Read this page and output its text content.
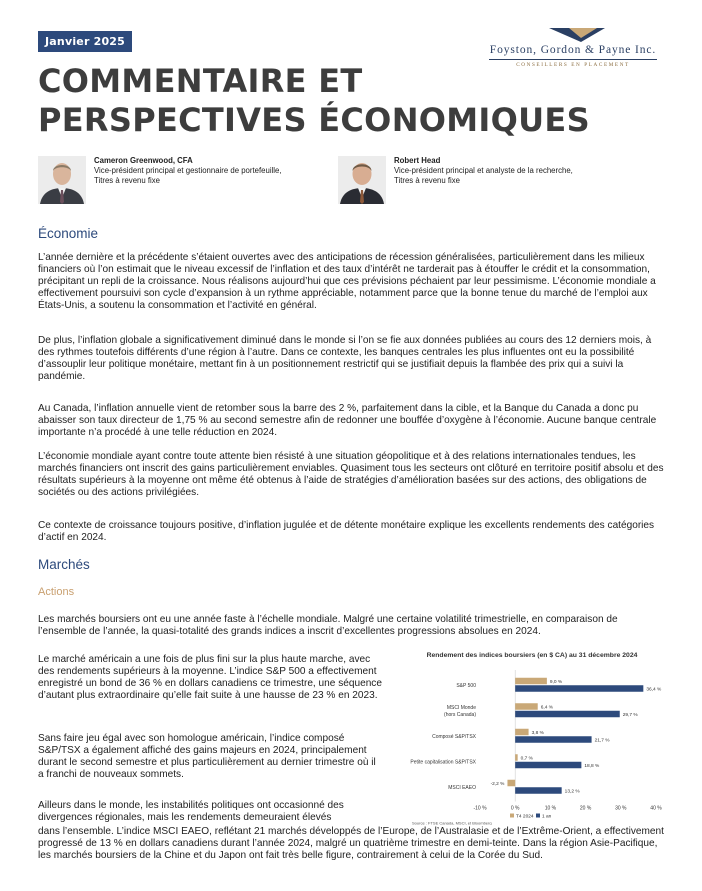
Janvier 2025
Foyston, Gordon & Payne Inc.
CONSEILLERS EN PLACEMENT
COMMENTAIRE ET
PERSPECTIVES ÉCONOMIQUES
Cameron Greenwood, CFA
Vice-président principal et gestionnaire de portefeuille,
Titres à revenu fixe
Robert Head
Vice-président principal et analyste de la recherche,
Titres à revenu fixe
Économie
L’année dernière et la précédente s’étaient ouvertes avec des anticipations de récession généralisées, particulièrement dans les milieux financiers où l’on estimait que le niveau excessif de l’inflation et des taux d’intérêt ne tarderait pas à étouffer le crédit et la consommation, précipitant un repli de la croissance. Nous réalisons aujourd’hui que ces prévisions péchaient par leur pessimisme. L’économie mondiale a effectivement poursuivi son cycle d’expansion à un rythme appréciable, notamment parce que la bonne tenue du marché de l’emploi aux États-Unis, a soutenu la consommation et l’activité en général.
De plus, l’inflation globale a significativement diminué dans le monde si l’on se fie aux données publiées au cours des 12 derniers mois, à des rythmes toutefois différents d’une région à l’autre. Dans ce contexte, les banques centrales les plus influentes ont eu la possibilité d’assouplir leur politique monétaire, mettant fin à un positionnement restrictif qui se justifiait depuis la flambée des prix qui a suivi la pandémie.
Au Canada, l’inflation annuelle vient de retomber sous la barre des 2 %, parfaitement dans la cible, et la Banque du Canada a donc pu abaisser son taux directeur de 1,75 % au second semestre afin de redonner une bouffée d’oxygène à l’économie. Aucune banque centrale importante n’a procédé à une telle réduction en 2024.
L’économie mondiale ayant contre toute attente bien résisté à une situation géopolitique et à des relations internationales tendues, les marchés financiers ont inscrit des gains particulièrement enviables. Quasiment tous les secteurs ont clôturé en territoire positif absolu et des résultats supérieurs à la moyenne ont même été obtenus à l’aide de stratégies d’amélioration basées sur des actions, des obligations de sociétés ou des actions privilégiées.
Ce contexte de croissance toujours positive, d’inflation jugulée et de détente monétaire explique les excellents rendements des catégories d’actif en 2024.
Marchés
Actions
Les marchés boursiers ont eu une année faste à l’échelle mondiale. Malgré une certaine volatilité trimestrielle, en comparaison de l’ensemble de l’année, la quasi-totalité des grands indices a inscrit d’excellentes progressions absolues en 2024.
Le marché américain a une fois de plus fini sur la plus haute marche, avec des rendements supérieurs à la moyenne. L’indice S&P 500 a effectivement enregistré un bond de 36 % en dollars canadiens ce trimestre, une séquence d’autant plus extraordinaire qu’elle fait suite à une hausse de 23 % en 2023.
Sans faire jeu égal avec son homologue américain, l’indice composé S&P/TSX a également affiché des gains majeurs en 2024, principalement durant le second semestre et plus particulièrement au dernier trimestre où il a franchi de nouveaux sommets.
Ailleurs dans le monde, les instabilités politiques ont occasionné des divergences régionales, mais les rendements demeuraient élevés
dans l’ensemble. L’indice MSCI EAEO, reflétant 21 marchés développés de l’Europe, de l’Australasie et de l’Extrême-Orient, a effectivement progressé de 13 % en dollars canadiens durant l’année 2024, malgré un quatrième trimestre en demi-teinte. Dans la région Asie-Pacifique, les marchés boursiers de la Chine et du Japon ont fait très belle figure, contrairement à celui de la Corée du Sud.
Rendement des indices boursiers (en $ CA) au 31 décembre 2024
S&P 500
9,0 %
36,4 %
MSCI Monde
(hors Canada)
6,4 %
29,7 %
Composé S&P/TSX
3,8 %
21,7 %
Petite capitalisation S&P/TSX
0,7 %
18,8 %
MSCI EAEO
-2,2 %
13,2 %
-10 %	0 %	10 %	20 %	30 %	40 %
T4 2024 1 an
Source : FTSE Canada, MSCI, et Bloomberg
